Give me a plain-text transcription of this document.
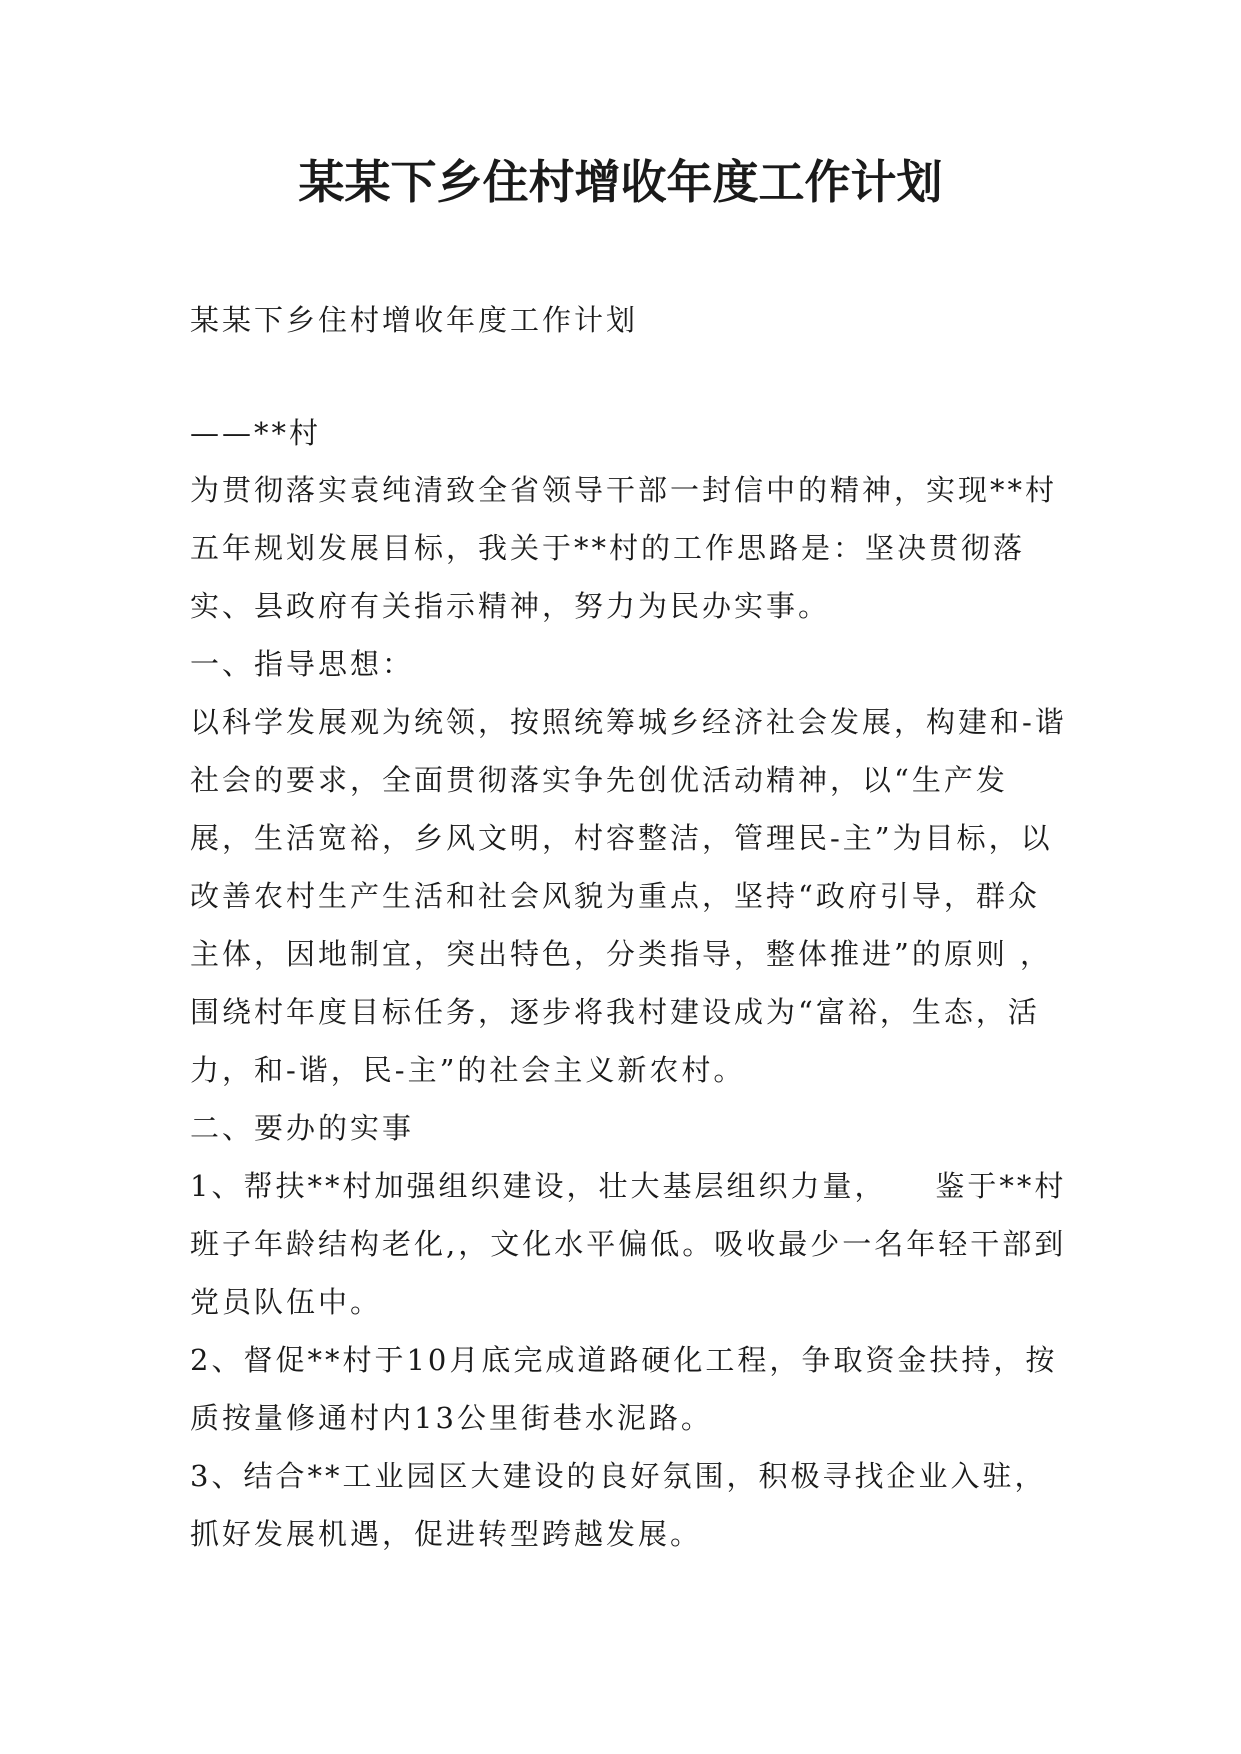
某某下乡住村增收年度工作计划
某某下乡住村增收年度工作计划
——**村

为贯彻落实袁纯清致全省领导干部一封信中的精神，实现**村五年规划发展目标，我关于**村的工作思路是：坚决贯彻落实、县政府有关指示精神，努力为民办实事。

一、指导思想：

以科学发展观为统领，按照统筹城乡经济社会发展，构建和-谐社会的要求，全面贯彻落实争先创优活动精神，以“生产发展，生活宽裕，乡风文明，村容整洁，管理民-主”为目标，以改善农村生产生活和社会风貌为重点，坚持“政府引导，群众主体，因地制宜，突出特色，分类指导，整体推进”的原则 ，围绕村年度目标任务，逐步将我村建设成为“富裕，生态，活力，和-谐，民-主”的社会主义新农村。

二、要办的实事

1、帮扶**村加强组织建设，壮大基层组织力量，    鉴于**村班子年龄结构老化,，文化水平偏低。吸收最少一名年轻干部到党员队伍中。

2、督促**村于10月底完成道路硬化工程，争取资金扶持，按质按量修通村内13公里街巷水泥路。

3、结合**工业园区大建设的良好氛围，积极寻找企业入驻，抓好发展机遇，促进转型跨越发展。
